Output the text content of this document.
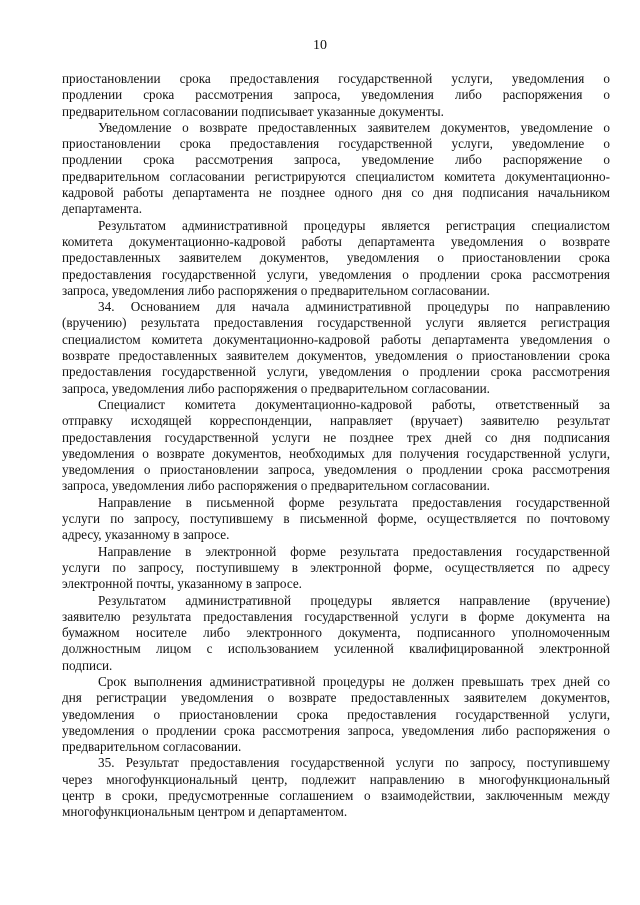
10
приостановлении срока предоставления государственной услуги, уведомления о
продлении срока рассмотрения запроса, уведомления либо распоряжения о
предварительном согласовании подписывает указанные документы.
Уведомление о возврате предоставленных заявителем документов, уведомление о
приостановлении срока предоставления государственной услуги, уведомление о
продлении срока рассмотрения запроса, уведомление либо распоряжение о
предварительном согласовании регистрируются специалистом комитета документационно-
кадровой работы департамента не позднее одного дня со дня подписания начальником
департамента.
Результатом административной процедуры является регистрация специалистом
комитета документационно-кадровой работы департамента уведомления о возврате
предоставленных заявителем документов, уведомления о приостановлении срока
предоставления государственной услуги, уведомления о продлении срока рассмотрения
запроса, уведомления либо распоряжения о предварительном согласовании.
34. Основанием для начала административной процедуры по направлению
(вручению) результата предоставления государственной услуги является регистрация
специалистом комитета документационно-кадровой работы департамента уведомления о
возврате предоставленных заявителем документов, уведомления о приостановлении срока
предоставления государственной услуги, уведомления о продлении срока рассмотрения
запроса, уведомления либо распоряжения о предварительном согласовании.
Специалист комитета документационно-кадровой работы, ответственный за
отправку исходящей корреспонденции, направляет (вручает) заявителю результат
предоставления государственной услуги не позднее трех дней со дня подписания
уведомления о возврате документов, необходимых для получения государственной услуги,
уведомления о приостановлении запроса, уведомления о продлении срока рассмотрения
запроса, уведомления либо распоряжения о предварительном согласовании.
Направление в письменной форме результата предоставления государственной
услуги по запросу, поступившему в письменной форме, осуществляется по почтовому
адресу, указанному в запросе.
Направление в электронной форме результата предоставления государственной
услуги по запросу, поступившему в электронной форме, осуществляется по адресу
электронной почты, указанному в запросе.
Результатом административной процедуры является направление (вручение)
заявителю результата предоставления государственной услуги в форме документа на
бумажном носителе либо электронного документа, подписанного уполномоченным
должностным лицом с использованием усиленной квалифицированной электронной
подписи.
Срок выполнения административной процедуры не должен превышать трех дней со
дня регистрации уведомления о возврате предоставленных заявителем документов,
уведомления о приостановлении срока предоставления государственной услуги,
уведомления о продлении срока рассмотрения запроса, уведомления либо распоряжения о
предварительном согласовании.
35. Результат предоставления государственной услуги по запросу, поступившему
через многофункциональный центр, подлежит направлению в многофункциональный
центр в сроки, предусмотренные соглашением о взаимодействии, заключенным между
многофункциональным центром и департаментом.
